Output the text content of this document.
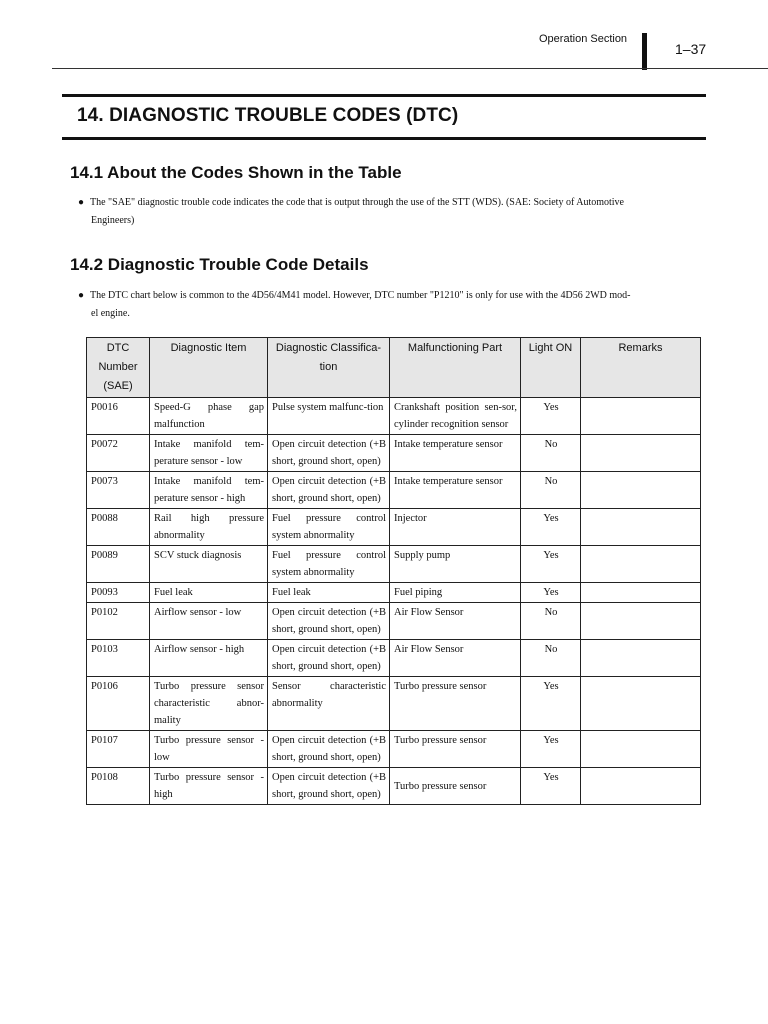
Operation Section
1–37
14. DIAGNOSTIC TROUBLE CODES (DTC)
14.1 About the Codes Shown in the Table
● The "SAE" diagnostic trouble code indicates the code that is output through the use of the STT (WDS). (SAE: Society of Automotive
Engineers)
14.2 Diagnostic Trouble Code Details
● The DTC chart below is common to the 4D56/4M41 model. However, DTC number "P1210" is only for use with the 4D56 2WD mod-
el engine.
DTC Number (SAE)	Diagnostic Item	Diagnostic Classifica-tion	Malfunctioning Part	Light ON	Remarks
P0016	Speed-G phase gap malfunction	Pulse system malfunc-tion	Crankshaft position sen-sor, cylinder recognition sensor	Yes	
P0072	Intake manifold tem-perature sensor - low	Open circuit detection (+B short, ground short, open)	Intake temperature sensor	No	
P0073	Intake manifold tem-perature sensor - high	Open circuit detection (+B short, ground short, open)	Intake temperature sensor	No	
P0088	Rail high pressure abnormality	Fuel pressure control system abnormality	Injector	Yes	
P0089	SCV stuck diagnosis	Fuel pressure control system abnormality	Supply pump	Yes	
P0093	Fuel leak	Fuel leak	Fuel piping	Yes	
P0102	Airflow sensor - low	Open circuit detection (+B short, ground short, open)	Air Flow Sensor	No	
P0103	Airflow sensor - high	Open circuit detection (+B short, ground short, open)	Air Flow Sensor	No	
P0106	Turbo pressure sensor characteristic abnor-mality	Sensor characteristic abnormality	Turbo pressure sensor	Yes	
P0107	Turbo pressure sensor - low	Open circuit detection (+B short, ground short, open)	Turbo pressure sensor	Yes	
P0108	Turbo pressure sensor - high	Open circuit detection (+B short, ground short, open)	Turbo pressure sensor	Yes	
